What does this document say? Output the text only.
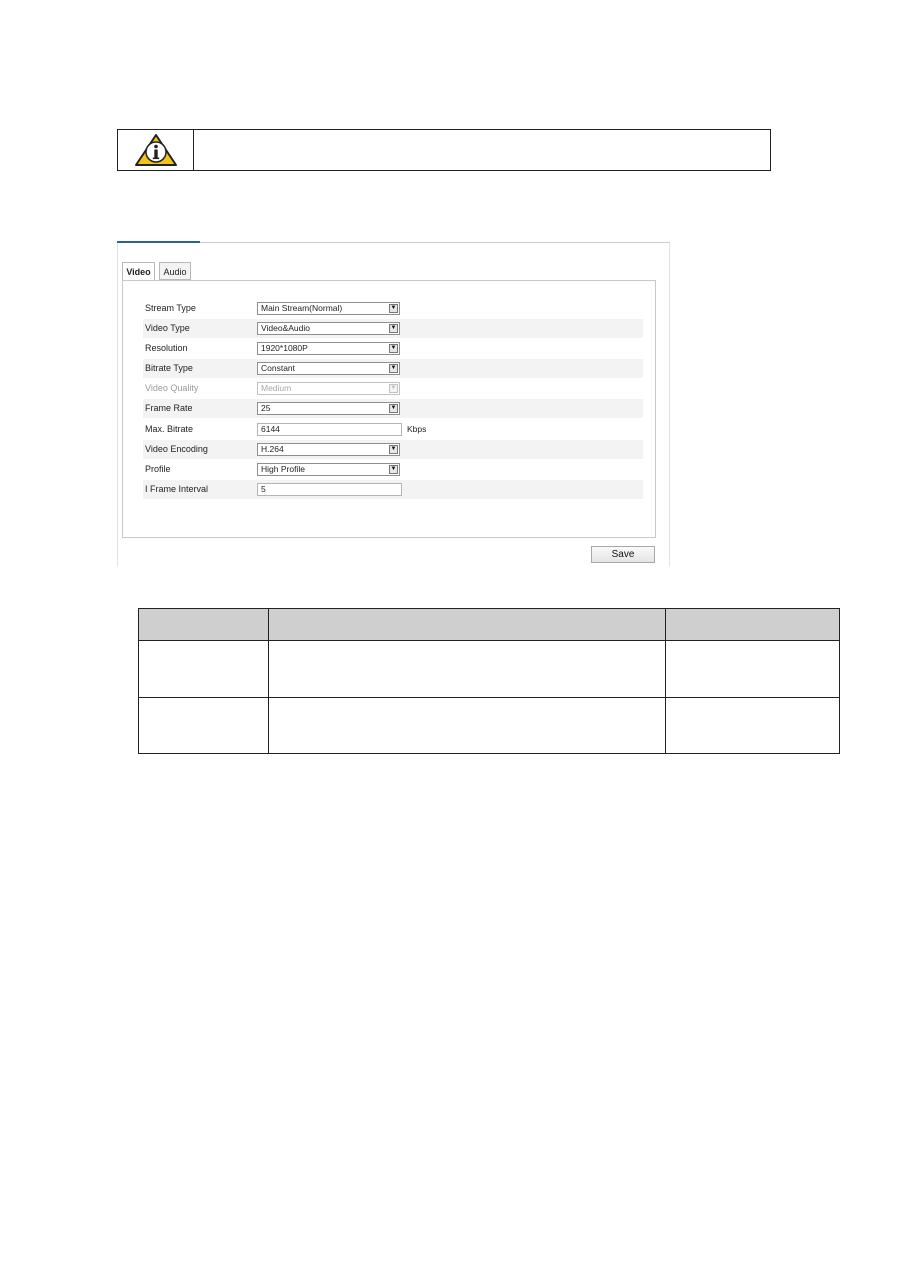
Video	Audio
Stream Type	Main Stream(Normal)	▼
Video Type	Video&Audio	▼
Resolution	1920*1080P	▼
Bitrate Type	Constant	▼
Video Quality	Medium	▼
Frame Rate	25	▼
Max. Bitrate	6144	Kbps
Video Encoding	H.264	▼
Profile	High Profile	▼
I Frame Interval	5
Save
